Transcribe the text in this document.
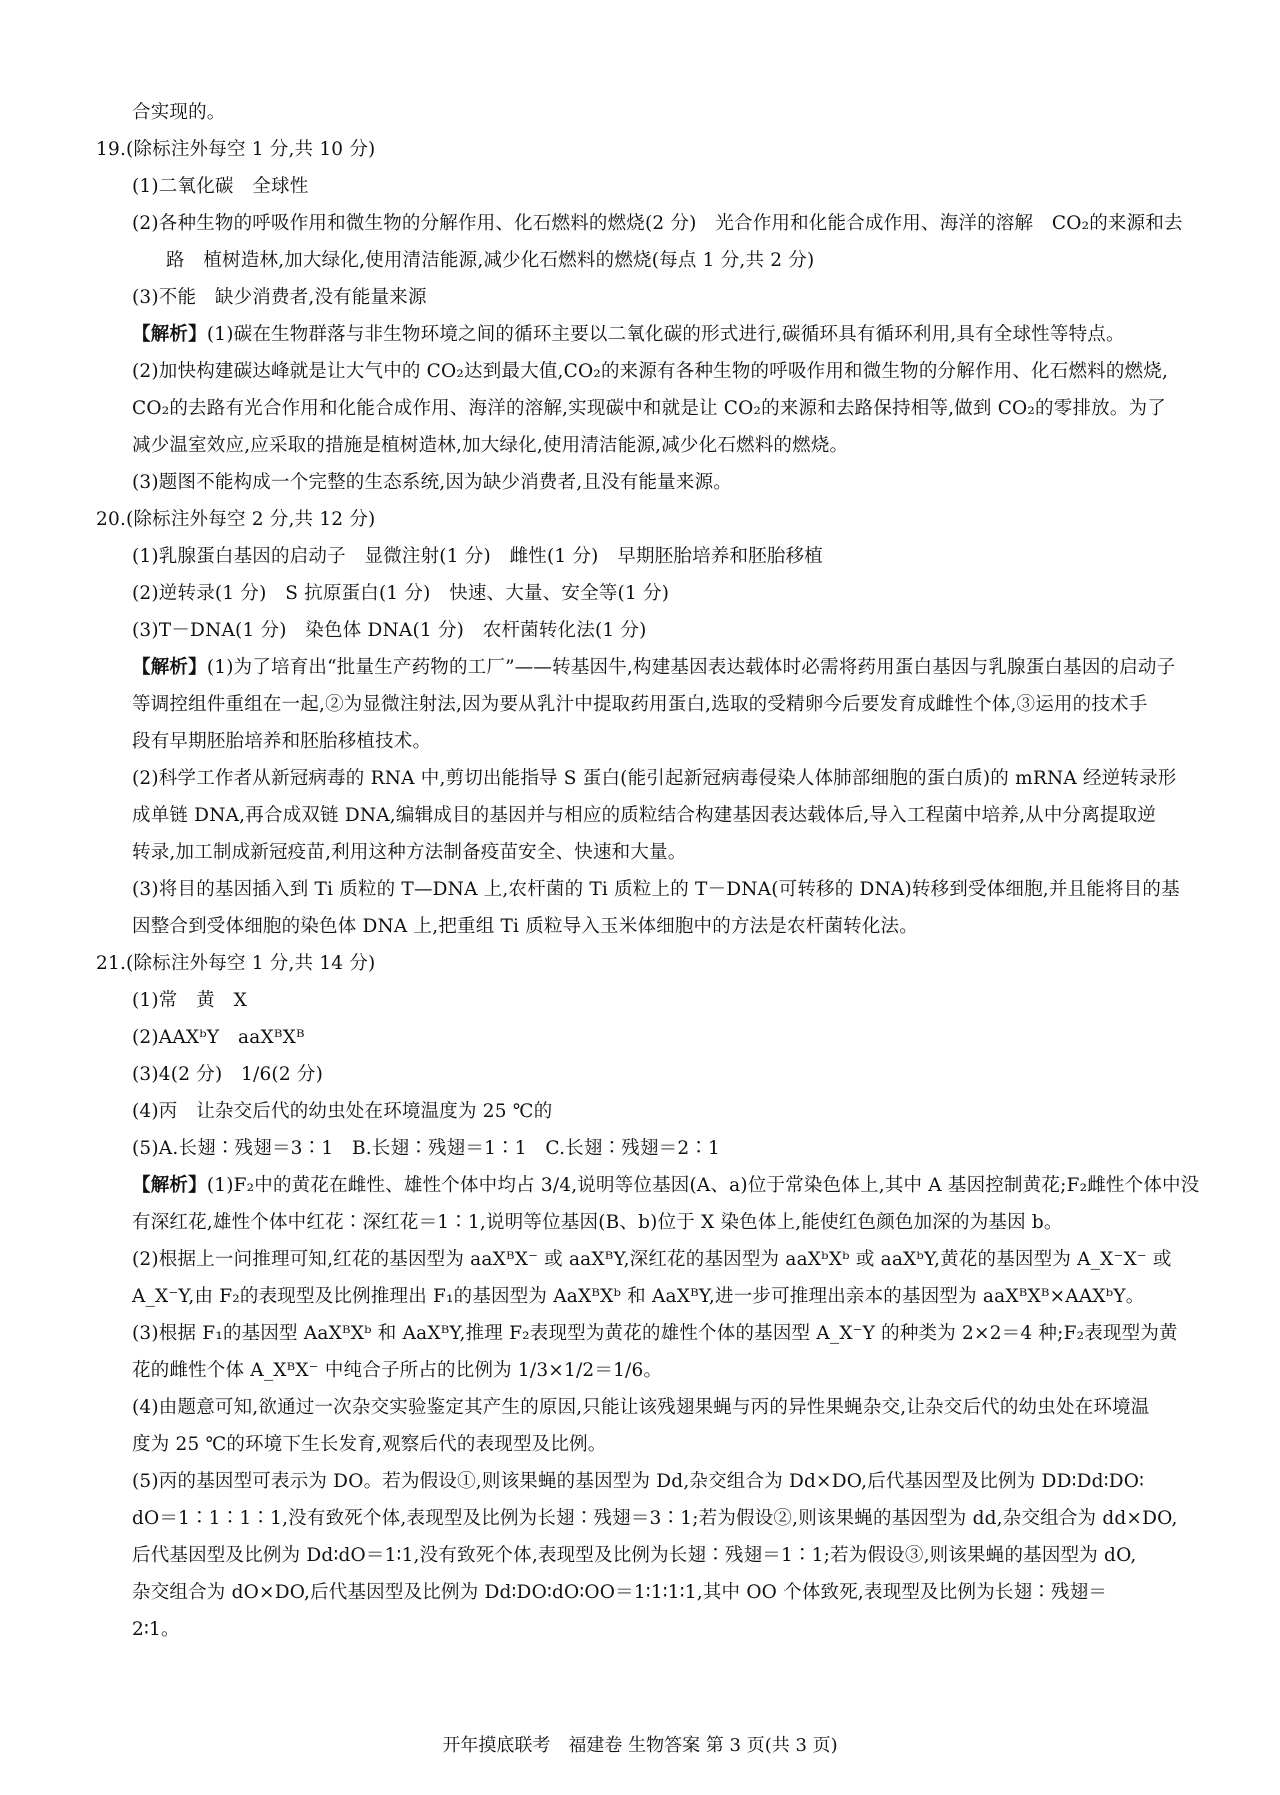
合实现的。
19.(除标注外每空 1 分,共 10 分)
(1)二氧化碳　全球性
(2)各种生物的呼吸作用和微生物的分解作用、化石燃料的燃烧(2 分)　光合作用和化能合成作用、海洋的溶解　CO₂的来源和去
路　植树造林,加大绿化,使用清洁能源,减少化石燃料的燃烧(每点 1 分,共 2 分)
(3)不能　缺少消费者,没有能量来源
【解析】(1)碳在生物群落与非生物环境之间的循环主要以二氧化碳的形式进行,碳循环具有循环利用,具有全球性等特点。
(2)加快构建碳达峰就是让大气中的 CO₂达到最大值,CO₂的来源有各种生物的呼吸作用和微生物的分解作用、化石燃料的燃烧,
CO₂的去路有光合作用和化能合成作用、海洋的溶解,实现碳中和就是让 CO₂的来源和去路保持相等,做到 CO₂的零排放。为了
减少温室效应,应采取的措施是植树造林,加大绿化,使用清洁能源,减少化石燃料的燃烧。
(3)题图不能构成一个完整的生态系统,因为缺少消费者,且没有能量来源。
20.(除标注外每空 2 分,共 12 分)
(1)乳腺蛋白基因的启动子　显微注射(1 分)　雌性(1 分)　早期胚胎培养和胚胎移植
(2)逆转录(1 分)　S 抗原蛋白(1 分)　快速、大量、安全等(1 分)
(3)T－DNA(1 分)　染色体 DNA(1 分)　农杆菌转化法(1 分)
【解析】(1)为了培育出“批量生产药物的工厂”——转基因牛,构建基因表达载体时必需将药用蛋白基因与乳腺蛋白基因的启动子
等调控组件重组在一起,②为显微注射法,因为要从乳汁中提取药用蛋白,选取的受精卵今后要发育成雌性个体,③运用的技术手
段有早期胚胎培养和胚胎移植技术。
(2)科学工作者从新冠病毒的 RNA 中,剪切出能指导 S 蛋白(能引起新冠病毒侵染人体肺部细胞的蛋白质)的 mRNA 经逆转录形
成单链 DNA,再合成双链 DNA,编辑成目的基因并与相应的质粒结合构建基因表达载体后,导入工程菌中培养,从中分离提取逆
转录,加工制成新冠疫苗,利用这种方法制备疫苗安全、快速和大量。
(3)将目的基因插入到 Ti 质粒的 T—DNA 上,农杆菌的 Ti 质粒上的 T－DNA(可转移的 DNA)转移到受体细胞,并且能将目的基
因整合到受体细胞的染色体 DNA 上,把重组 Ti 质粒导入玉米体细胞中的方法是农杆菌转化法。
21.(除标注外每空 1 分,共 14 分)
(1)常　黄　X
(2)AAXᵇY　aaXᴮXᴮ
(3)4(2 分)　1/6(2 分)
(4)丙　让杂交后代的幼虫处在环境温度为 25 ℃的
(5)A.长翅∶残翅＝3∶1　B.长翅∶残翅＝1∶1　C.长翅∶残翅＝2∶1
【解析】(1)F₂中的黄花在雌性、雄性个体中均占 3/4,说明等位基因(A、a)位于常染色体上,其中 A 基因控制黄花;F₂雌性个体中没
有深红花,雄性个体中红花∶深红花＝1∶1,说明等位基因(B、b)位于 X 染色体上,能使红色颜色加深的为基因 b。
(2)根据上一问推理可知,红花的基因型为 aaXᴮX⁻ 或 aaXᴮY,深红花的基因型为 aaXᵇXᵇ 或 aaXᵇY,黄花的基因型为 A_X⁻X⁻ 或
A_X⁻Y,由 F₂的表现型及比例推理出 F₁的基因型为 AaXᴮXᵇ 和 AaXᴮY,进一步可推理出亲本的基因型为 aaXᴮXᴮ×AAXᵇY。
(3)根据 F₁的基因型 AaXᴮXᵇ 和 AaXᴮY,推理 F₂表现型为黄花的雄性个体的基因型 A_X⁻Y 的种类为 2×2＝4 种;F₂表现型为黄
花的雌性个体 A_XᴮX⁻ 中纯合子所占的比例为 1/3×1/2＝1/6。
(4)由题意可知,欲通过一次杂交实验鉴定其产生的原因,只能让该残翅果蝇与丙的异性果蝇杂交,让杂交后代的幼虫处在环境温
度为 25 ℃的环境下生长发育,观察后代的表现型及比例。
(5)丙的基因型可表示为 DO。若为假设①,则该果蝇的基因型为 Dd,杂交组合为 Dd×DO,后代基因型及比例为 DD∶Dd∶DO∶
dO＝1∶1∶1∶1,没有致死个体,表现型及比例为长翅∶残翅＝3∶1;若为假设②,则该果蝇的基因型为 dd,杂交组合为 dd×DO,
后代基因型及比例为 Dd∶dO＝1∶1,没有致死个体,表现型及比例为长翅∶残翅＝1∶1;若为假设③,则该果蝇的基因型为 dO,
杂交组合为 dO×DO,后代基因型及比例为 Dd∶DO∶dO∶OO＝1∶1∶1∶1,其中 OO 个体致死,表现型及比例为长翅∶残翅＝
2∶1。
开年摸底联考　福建卷 生物答案 第 3 页(共 3 页)
